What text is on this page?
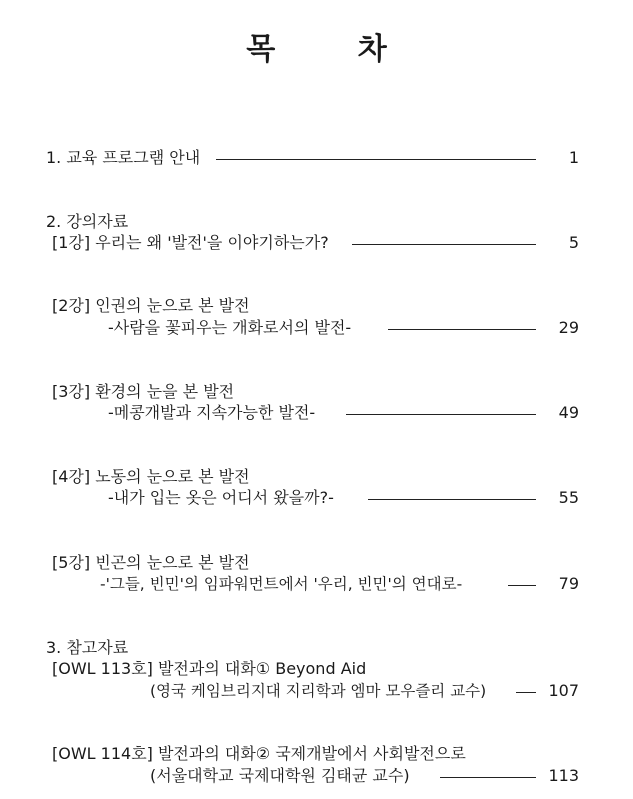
목 차
1. 교육 프로그램 안내	1
2. 강의자료
[1강] 우리는 왜 '발전'을 이야기하는가?	5
[2강] 인권의 눈으로 본 발전
-사람을 꽃피우는 개화로서의 발전-	29
[3강] 환경의 눈을 본 발전
-메콩개발과 지속가능한 발전-	49
[4강] 노동의 눈으로 본 발전
-내가 입는 옷은 어디서 왔을까?-	55
[5강] 빈곤의 눈으로 본 발전
-'그들, 빈민'의 임파워먼트에서 '우리, 빈민'의 연대로-	79
3. 참고자료
[OWL 113호] 발전과의 대화① Beyond Aid
(영국 케임브리지대 지리학과 엠마 모우즐리 교수)	107
[OWL 114호] 발전과의 대화② 국제개발에서 사회발전으로
(서울대학교 국제대학원 김태균 교수)	113
